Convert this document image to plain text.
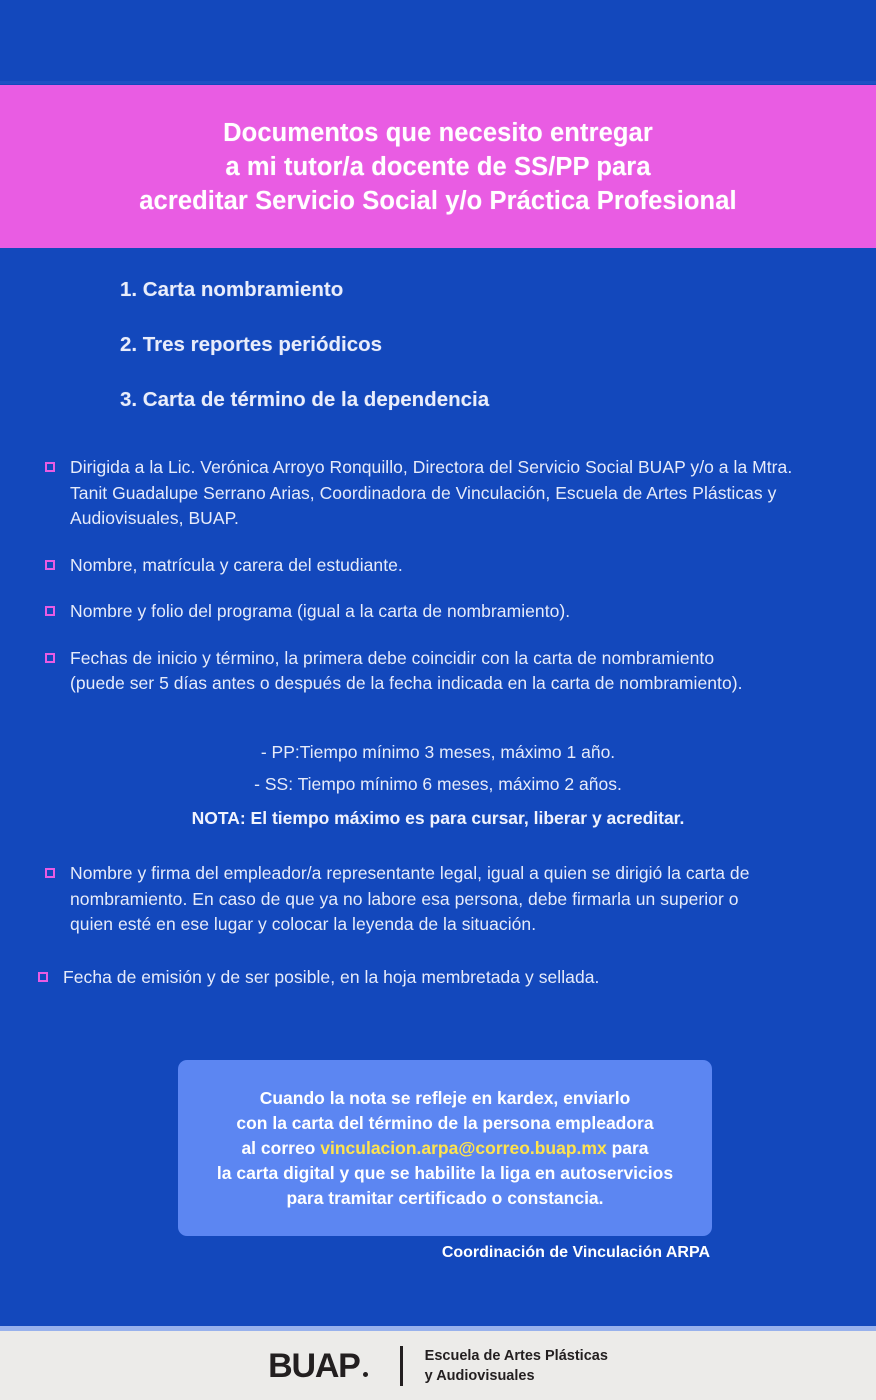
Documentos que necesito entregar
a mi tutor/a docente de SS/PP para
acreditar Servicio Social y/o Práctica Profesional
1. Carta nombramiento
2. Tres reportes periódicos
3. Carta de término de la dependencia
Dirigida a la Lic. Verónica Arroyo Ronquillo, Directora del Servicio Social BUAP y/o a la Mtra. Tanit Guadalupe Serrano Arias, Coordinadora de Vinculación, Escuela de Artes Plásticas y Audiovisuales, BUAP.
Nombre, matrícula y carera del estudiante.
Nombre y folio del programa (igual a la carta de nombramiento).
Fechas de inicio y término, la primera debe coincidir con la carta de nombramiento (puede ser 5 días antes o después de la fecha indicada en la carta de nombramiento).
- PP:Tiempo mínimo 3 meses, máximo 1 año.
- SS: Tiempo mínimo 6 meses, máximo 2 años.
NOTA: El tiempo máximo es para cursar, liberar y acreditar.
Nombre y firma del empleador/a representante legal, igual a quien se dirigió la carta de nombramiento. En caso de que ya no labore esa persona, debe firmarla un superior o quien esté en ese lugar y colocar la leyenda de la situación.
Fecha de emisión y de ser posible, en la hoja membretada y sellada.
Cuando la nota se refleje en kardex, enviarlo
con la carta del término de la persona empleadora
al correo vinculacion.arpa@correo.buap.mx para
la carta digital y que se habilite la liga en autoservicios
para tramitar certificado o constancia.
Coordinación de Vinculación ARPA
BUAP	Escuela de Artes Plásticas
y Audiovisuales
